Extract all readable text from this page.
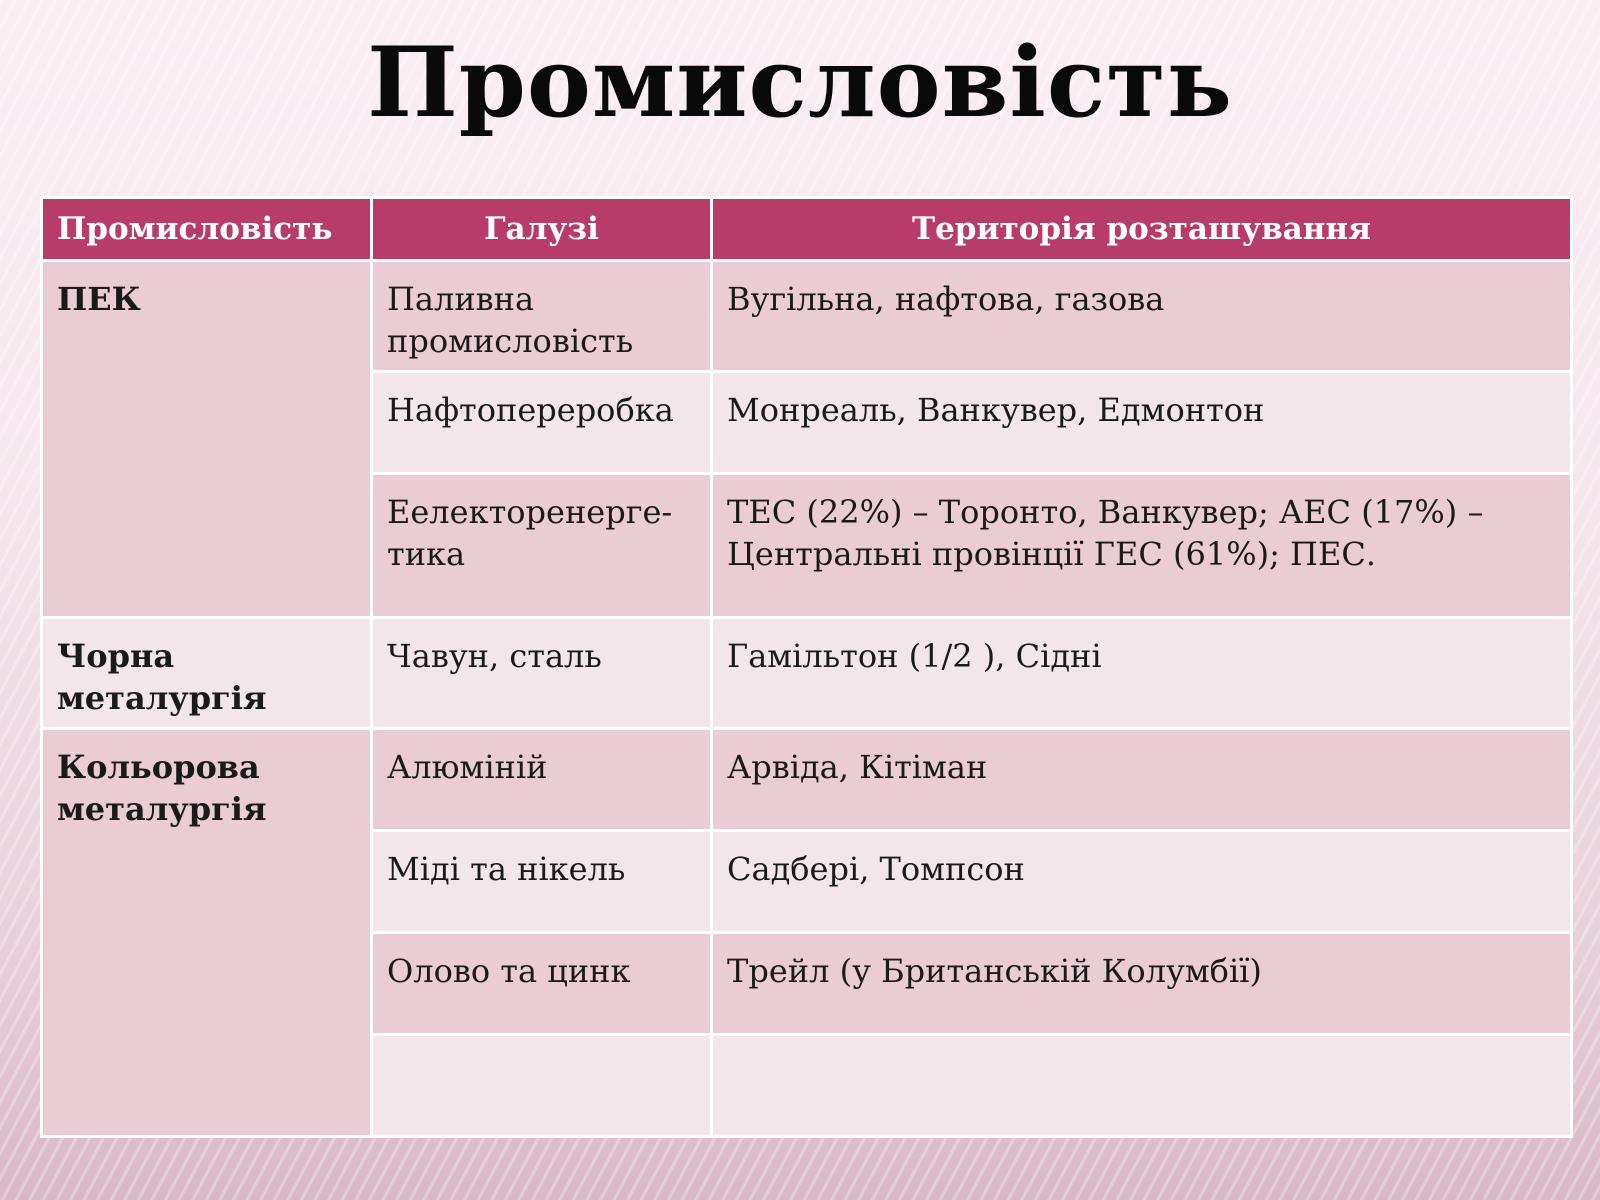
Промисловість
Промисловість	Галузі	Територія розташування
ПЕК	Паливна промисловість	Вугільна, нафтова, газова
	Нафтопереробка	Монреаль, Ванкувер, Едмонтон
	Еелекторенерге-тика	ТЕС (22%) – Торонто, Ванкувер; АЕС (17%) – Центральні провінції ГЕС (61%); ПЕС.
Чорна металургія	Чавун, сталь	Гамільтон (1/2 ), Сідні
Кольорова металургія	Алюміній	Арвіда, Кітіман
	Міді та нікель	Садбері, Томпсон
	Олово та цинк	Трейл (у Британській Колумбії)
